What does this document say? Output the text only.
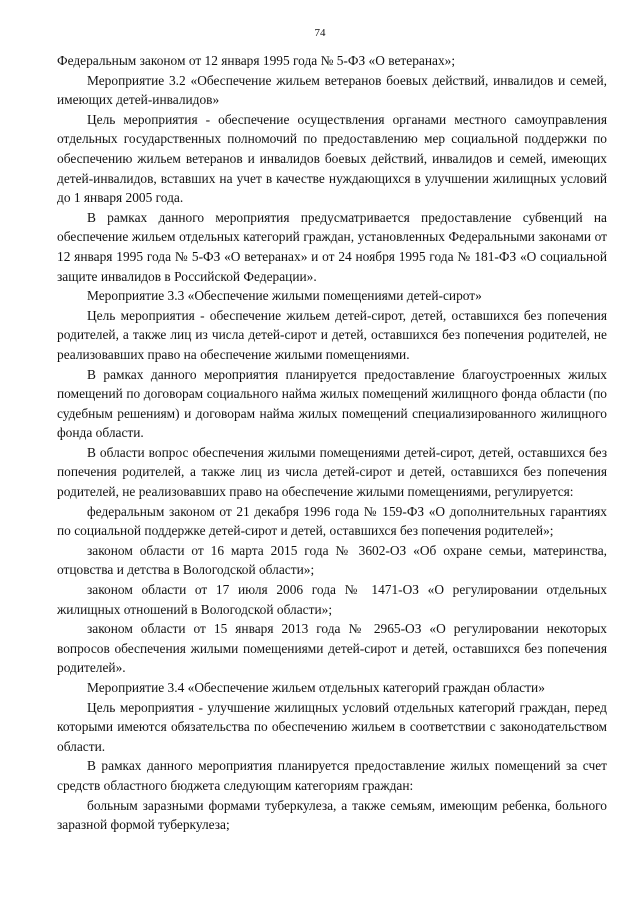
74

Федеральным законом от 12 января 1995 года № 5-ФЗ «О ветеранах»;

Мероприятие 3.2 «Обеспечение жильем ветеранов боевых действий, инвалидов и семей, имеющих детей-инвалидов»

Цель мероприятия - обеспечение осуществления органами местного самоуправления отдельных государственных полномочий по предоставлению мер социальной поддержки по обеспечению жильем ветеранов и инвалидов боевых действий, инвалидов и семей, имеющих детей-инвалидов, вставших на учет в качестве нуждающихся в улучшении жилищных условий до 1 января 2005 года.

В рамках данного мероприятия предусматривается предоставление субвенций на обеспечение жильем отдельных категорий граждан, установленных Федеральными законами от 12 января 1995 года № 5-ФЗ «О ветеранах» и от 24 ноября 1995 года № 181-ФЗ «О социальной защите инвалидов в Российской Федерации».

Мероприятие 3.3 «Обеспечение жилыми помещениями детей-сирот»

Цель мероприятия - обеспечение жильем детей-сирот, детей, оставшихся без попечения родителей, а также лиц из числа детей-сирот и детей, оставшихся без попечения родителей, не реализовавших право на обеспечение жилыми помещениями.

В рамках данного мероприятия планируется предоставление благоустроенных жилых помещений по договорам социального найма жилых помещений жилищного фонда области (по судебным решениям) и договорам найма жилых помещений специализированного жилищного фонда области.

В области вопрос обеспечения жилыми помещениями детей-сирот, детей, оставшихся без попечения родителей, а также лиц из числа детей-сирот и детей, оставшихся без попечения родителей, не реализовавших право на обеспечение жилыми помещениями, регулируется:

федеральным законом от 21 декабря 1996 года № 159-ФЗ «О дополнительных гарантиях по социальной поддержке детей-сирот и детей, оставшихся без попечения родителей»;

законом области от 16 марта 2015 года № 3602-ОЗ «Об охране семьи, материнства, отцовства и детства в Вологодской области»;

законом области от 17 июля 2006 года № 1471-ОЗ «О регулировании отдельных жилищных отношений в Вологодской области»;

законом области от 15 января 2013 года № 2965-ОЗ «О регулировании некоторых вопросов обеспечения жилыми помещениями детей-сирот и детей, оставшихся без попечения родителей».

Мероприятие 3.4 «Обеспечение жильем отдельных категорий граждан области»

Цель мероприятия - улучшение жилищных условий отдельных категорий граждан, перед которыми имеются обязательства по обеспечению жильем в соответствии с законодательством области.

В рамках данного мероприятия планируется предоставление жилых помещений за счет средств областного бюджета следующим категориям граждан:

больным заразными формами туберкулеза, а также семьям, имеющим ребенка, больного заразной формой туберкулеза;
